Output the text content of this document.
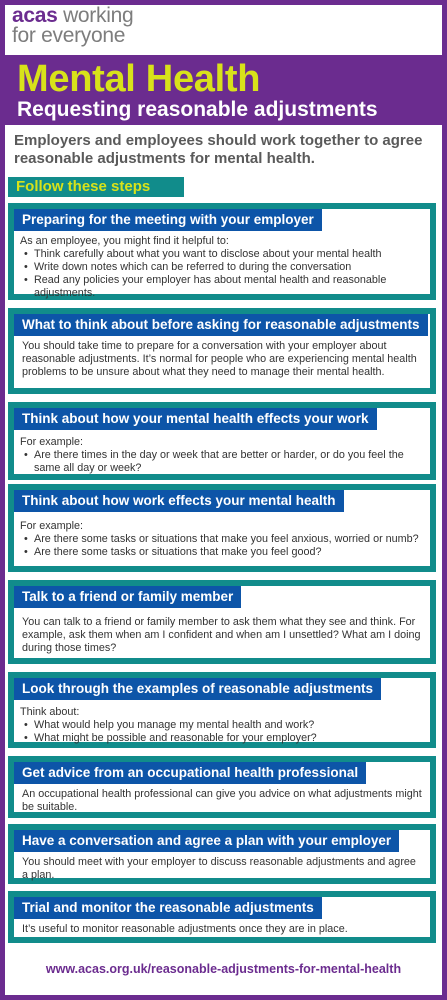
acas working
for everyone
Mental Health
Requesting reasonable adjustments
Employers and employees should work together to agree reasonable adjustments for mental health.
Follow these steps
Preparing for the meeting with your employer
As an employee, you might find it helpful to:
• Think carefully about what you want to disclose about your mental health
• Write down notes which can be referred to during the conversation
• Read any policies your employer has about mental health and reasonable adjustments.
What to think about before asking for reasonable adjustments
You should take time to prepare for a conversation with your employer about reasonable adjustments. It’s normal for people who are experiencing mental health problems to be unsure about what they need to manage their mental health.
Think about how your mental health effects your work
For example:
• Are there times in the day or week that are better or harder, or do you feel the same all day or week?
Think about how work effects your mental health
For example:
• Are there some tasks or situations that make you feel anxious, worried or numb?
• Are there some tasks or situations that make you feel good?
Talk to a friend or family member
You can talk to a friend or family member to ask them what they see and think. For example, ask them when am I confident and when am I unsettled? What am I doing during those times?
Look through the examples of reasonable adjustments
Think about:
• What would help you manage my mental health and work?
• What might be possible and reasonable for your employer?
Get advice from an occupational health professional
An occupational health professional can give you advice on what adjustments might be suitable.
Have a conversation and agree a plan with your employer
You should meet with your employer to discuss reasonable adjustments and agree a plan.
Trial and monitor the reasonable adjustments
It’s useful to monitor reasonable adjustments once they are in place.
www.acas.org.uk/reasonable-adjustments-for-mental-health
